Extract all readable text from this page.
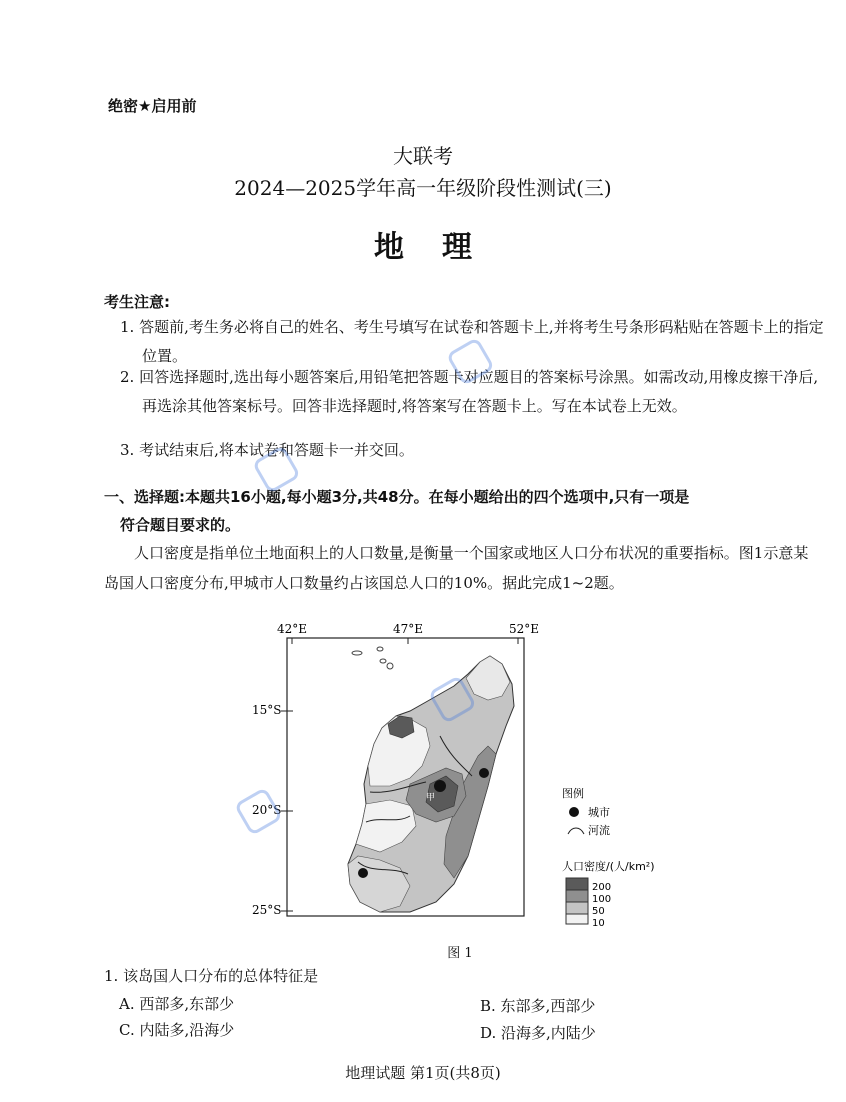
绝密★启用前
大联考
2024—2025学年高一年级阶段性测试(三)
地理
考生注意:
1. 答题前,考生务必将自己的姓名、考生号填写在试卷和答题卡上,并将考生号条形码粘贴在答题卡上的指定位置。
2. 回答选择题时,选出每小题答案后,用铅笔把答题卡对应题目的答案标号涂黑。如需改动,用橡皮擦干净后,再选涂其他答案标号。回答非选择题时,将答案写在答题卡上。写在本试卷上无效。
3. 考试结束后,将本试卷和答题卡一并交回。
一、选择题:本题共16小题,每小题3分,共48分。在每小题给出的四个选项中,只有一项是
符合题目要求的。
人口密度是指单位土地面积上的人口数量,是衡量一个国家或地区人口分布状况的重要指标。图1示意某岛国人口密度分布,甲城市人口数量约占该国总人口的10%。据此完成1~2题。
42°E	47°E	52°E
15°S
20°S
25°S
甲	图例
城市
河流
人口密度/(人/km²)
200
100
50
10
图 1
1. 该岛国人口分布的总体特征是
A. 西部多,东部少	B. 东部多,西部少
C. 内陆多,沿海少	D. 沿海多,内陆少
地理试题 第1页(共8页)
